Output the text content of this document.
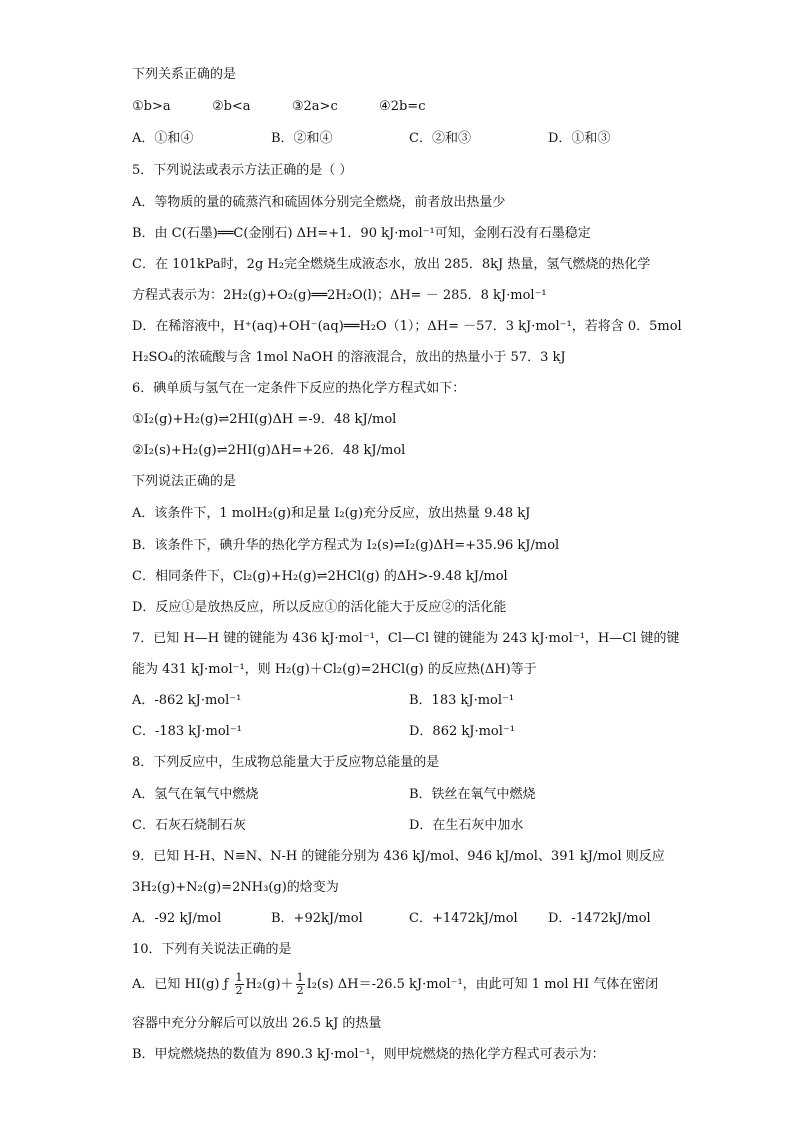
下列关系正确的是
①b>a          ②b<a          ③2a>c          ④2b=c
A．①和④	B．②和④	C．②和③	D．①和③
5．下列说法或表示方法正确的是（ ）
A．等物质的量的硫蒸汽和硫固体分别完全燃烧，前者放出热量少
B．由 C(石墨)══C(金刚石) ΔH=+1．90 kJ·mol⁻¹可知，金刚石没有石墨稳定
C．在 101kPa时，2g H₂完全燃烧生成液态水，放出 285．8kJ 热量，氢气燃烧的热化学
方程式表示为：2H₂(g)+O₂(g)══2H₂O(l)；ΔH= － 285．8 kJ·mol⁻¹
D．在稀溶液中，H⁺(aq)+OH⁻(aq)══H₂O（1）；ΔH= －57．3 kJ·mol⁻¹，若将含 0．5mol
H₂SO₄的浓硫酸与含 1mol NaOH 的溶液混合，放出的热量小于 57．3 kJ
6．碘单质与氢气在一定条件下反应的热化学方程式如下：
①I₂(g)+H₂(g)⇌2HI(g)ΔH =-9．48 kJ/mol
②I₂(s)+H₂(g)⇌2HI(g)ΔH=+26．48 kJ/mol
下列说法正确的是
A．该条件下，1 molH₂(g)和足量 I₂(g)充分反应，放出热量 9.48 kJ
B．该条件下，碘升华的热化学方程式为 I₂(s)⇌I₂(g)ΔH=+35.96 kJ/mol
C．相同条件下，Cl₂(g)+H₂(g)⇌2HCl(g) 的ΔH>-9.48 kJ/mol
D．反应①是放热反应，所以反应①的活化能大于反应②的活化能
7．已知 H—H 键的键能为 436 kJ·mol⁻¹，Cl—Cl 键的键能为 243 kJ·mol⁻¹，H—Cl 键的键
能为 431 kJ·mol⁻¹，则 H₂(g)＋Cl₂(g)=2HCl(g) 的反应热(ΔH)等于
A．-862 kJ·mol⁻¹	B．183 kJ·mol⁻¹
C．-183 kJ·mol⁻¹	D．862 kJ·mol⁻¹
8．下列反应中，生成物总能量大于反应物总能量的是
A．氢气在氧气中燃烧	B．铁丝在氧气中燃烧
C．石灰石烧制石灰	D．在生石灰中加水
9．已知 H-H、N≡N、N-H 的键能分别为 436 kJ/mol、946 kJ/mol、391 kJ/mol 则反应
3H₂(g)+N₂(g)=2NH₃(g)的焓变为
A．-92 kJ/mol	B．+92kJ/mol	C．+1472kJ/mol D．-1472kJ/mol
10．下列有关说法正确的是
A．已知 HI(g) ƒ $\frac{1}{2} H_2(g)+ \frac{1}{2} I_2(s)$ ΔH＝-26.5 kJ·mol⁻¹，由此可知 1 mol HI 气体在密闭
容器中充分分解后可以放出 26.5 kJ 的热量
B．甲烷燃烧热的数值为 890.3 kJ·mol⁻¹，则甲烷燃烧的热化学方程式可表示为：
